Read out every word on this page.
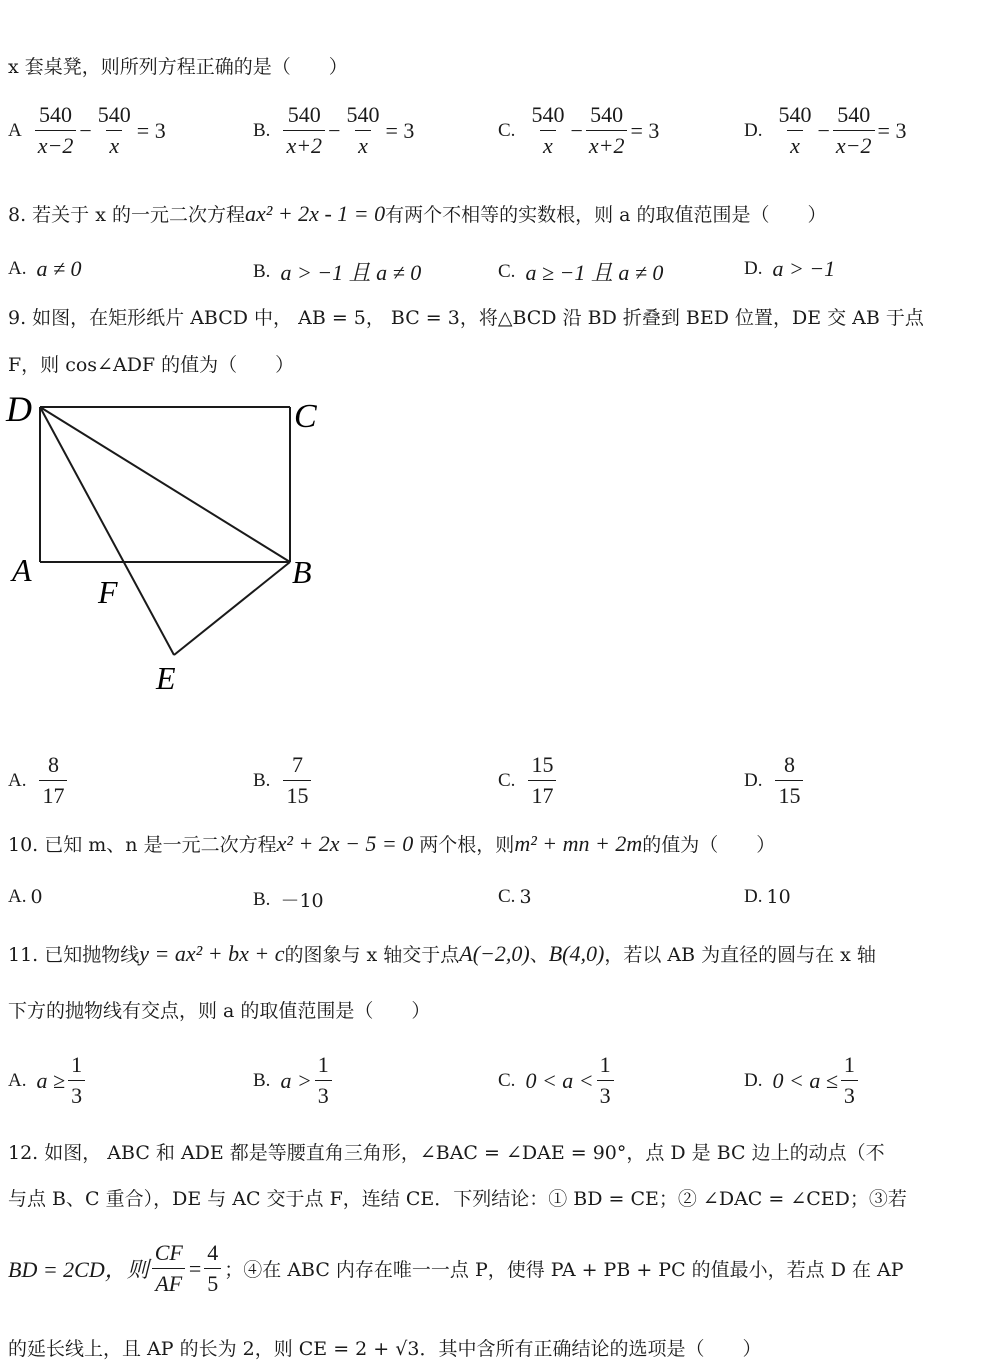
x 套桌凳，则所列方程正确的是（　　）
A $\frac{540}{x-2} - \frac{540}{x} = 3$	B. $\frac{540}{x+2} - \frac{540}{x} = 3$	C. $\frac{540}{x} - \frac{540}{x+2} = 3$	D. $\frac{540}{x} - \frac{540}{x-2} = 3$
8. 若关于 x 的一元二次方程ax² + 2x - 1 = 0有两个不相等的实数根，则 a 的取值范围是（　　）
A. a ≠ 0	B. a > −1 且 a ≠ 0	C. a ≥ −1 且 a ≠ 0	D. a > −1
9. 如图，在矩形纸片 ABCD 中， AB = 5， BC = 3，将△BCD 沿 BD 折叠到 BED 位置，DE 交 AB 于点
F，则 cos∠ADF 的值为（　　）
D	C
A	B
F
E
A. $\frac{8}{17}$	B. $\frac{7}{15}$	C. $\frac{15}{17}$	D. $\frac{8}{15}$
10. 已知 m、n 是一元二次方程x² + 2x − 5 = 0 两个根，则m² + mn + 2m的值为（　　）
A. 0	B. －10	C. 3	D. 10
11. 已知抛物线y = ax² + bx + c的图象与 x 轴交于点A(−2,0)、B(4,0)，若以 AB 为直径的圆与在 x 轴
下方的抛物线有交点，则 a 的取值范围是（　　）
A. $a \ge \frac{1}{3}$	B. $a > \frac{1}{3}$	C. $0 < a < \frac{1}{3}$	D. $0 < a \le \frac{1}{3}$
12. 如图， ABC 和 ADE 都是等腰直角三角形，∠BAC = ∠DAE = 90°，点 D 是 BC 边上的动点（不
与点 B、C 重合），DE 与 AC 交于点 F，连结 CE．下列结论：① BD = CE；② ∠DAC = ∠CED；③若
BD = 2CD，则 $\frac{CF}{AF} = \frac{4}{5}$ ；④在 ABC 内存在唯一一点 P，使得 PA + PB + PC 的值最小，若点 D 在 AP
的延长线上，且 AP 的长为 2，则 CE = 2 + √3．其中含所有正确结论的选项是（　　）
